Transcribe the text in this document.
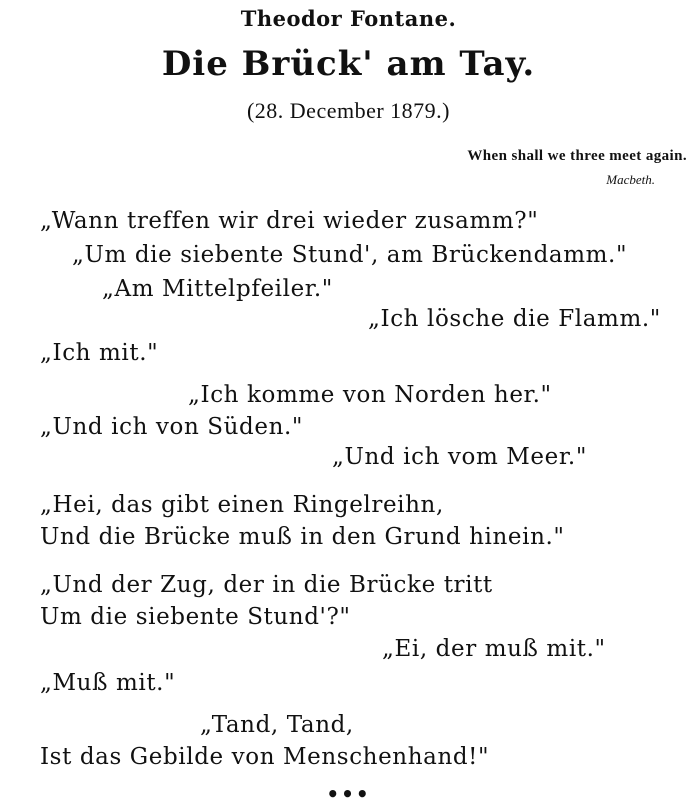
Theodor Fontane.
Die Brück' am Tay.
(28. December 1879.)
When shall we three meet again.
Macbeth.
„Wann treffen wir drei wieder zusamm?"
„Um die siebente Stund', am Brückendamm."
„Am Mittelpfeiler."
„Ich lösche die Flamm."
„Ich mit."
„Ich komme von Norden her."
„Und ich von Süden."
„Und ich vom Meer."
„Hei, das gibt einen Ringelreihn,
Und die Brücke muß in den Grund hinein."
„Und der Zug, der in die Brücke tritt
Um die siebente Stund'?"
„Ei, der muß mit."
„Muß mit."
„Tand, Tand,
Ist das Gebilde von Menschenhand!"
•••
